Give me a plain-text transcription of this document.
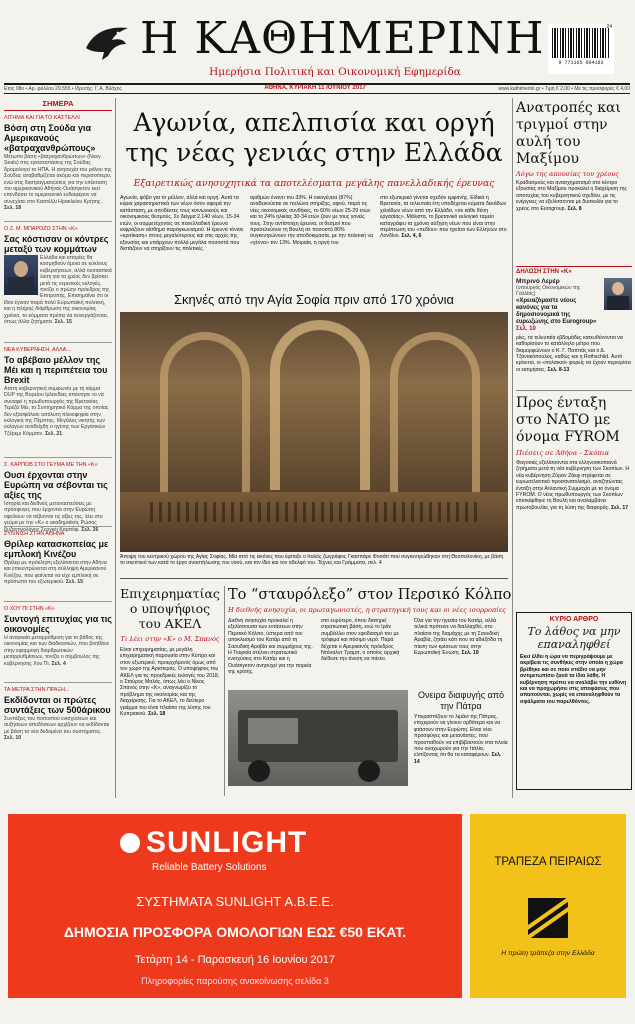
Η ΚΑΘΗΜΕΡΙΝΗ
Ημερήσια Πολιτική και Οικονομική Εφημερίδα
9 771105 004183
24
Ετος 98ο • Αρ. φύλλου 29.555 • Ιδρυτής: Γ. Α. Βλάχος	ΑΘΗΝΑ, ΚΥΡΙΑΚΗ 11 ΙΟΥΝΙΟΥ 2017	www.kathimerini.gr • Τιμή € 2,00 • Με τις προσφορές € 4,00
ΣΗΜΕΡΑ
ΛΙΤΗΜΑ ΚΑΙ ΓΙΑ ΤΟ ΚΑΣΤΕΛΛΙ
Βόση στη Σούδα για Αμερικανούς «βατραχανθρώπους»
Μέτωπο βάση «βατραχανθρώπων» (Navy Seals) στις εγκαταστάσεις της Σούδας δρομολογεί το ΗΠΑ. Η ανησυχία του ρόλου της Σούδας αναβαθμίζεται ακόμα και περισσότερο, ενώ στις διαπραγματεύσεις για την επέκταση του αμερικανικού Αθήνας-Ουάσιγκτον εκεί επενδύσει το αμερικανικό ενδιαφέρον να συνεχίσει στο Καστέλλι Ηρακλείου Κρήτης. Σελ. 18
Ο Ζ. Μ. ΜΠΑΡΟΖΟ ΣΤΗΝ «Κ»
Σας κόστισαν οι κόντρες μεταξύ των κομμάτων
Ελλάδα και ιστορίες θα κοσμηθούν όμοια σε κύκλους κυβερνήσεων, αλλά ουσιαστικά λύση για τα χρέος δεν βρίσκει μετά τις νεμεσικές εκλογές, τονίζει ο πρώην πρόεδρος της Επιτροπής. Επισημαίνει ότι οι ίδιοι έγιναν παρά πολύ Ευρωπαϊκή πολιτική, και η πλήρης διάρθρωση της οικονομίας χρόνια, το κόμματα πρέπει να συνεργάζονται, όπως άλλα ζητήματα. Σελ. 15
ΝΕΑ ΚΥΒΕΡΝΗΣΗ, ΑΛΛΑ...
Το αβέβαιο μέλλον της Μέι και η περιπέτεια του Brexit
Ατατη κοβερνητική συμφωνία με τη κόμμα DUP της Βορείου Ιρλανδίας απέκτησε το να συναφεί η πρωθυπουργός της Βρετανίας Τερέζα Μέι, το Συντηρητικό Κόμμα της οποίας δεν εξασφάλισε απόλυτη πλειοψηφία στην εκλογική της Πέμπτης. Μεγάλος νικητής των εκλογών αναδείχθη ο ηγέτης των Εργατικών Τζέρεμι Κόρμπιν. Σελ. 21
Σ. ΚΑΡΠΟΒ ΣΤΟ ΓΕΥΜΑ ΜΕ ΤΗΝ «Κ»
Ουσι έρχονται στην Ευρώπη να σέβονται τις αξίες της
Ιστορία και διεθνείς μεταναστεύσεις με πρόσφυγες που έρχονται στην Ευρώπη οφείλουν να σέβονται τις αξίες της, λέει στο γεύμα με την «Κ» ο ακαδημαϊκός Ρώσος βυζαντινολόγος Σεργκέι Καρπόφ. Σελ. 26
ΖΥΛΙΝΙΣΗ ΣΤΗΝ ΑΘΗΝΑ
Θρίλερ κατασκοπείας με εμπλοκή Κινέζου
Θρίλερ με πρόκληση εξελίσσεται στην Αθήνα και επικεντρώνεται στη σύλληψη Αμερικανού Κινέζου, που φαίνεται να είχε εμπλοκή σε πρόσωπα του εξωτερικού. Σελ. 15
Ο ΧΟΥ ΠΙ ΣΤΗΝ «Κ»
Συντογή επιτυχίας για τις οικονομίες
Η αναγκαία μεταρρύθμιση για το βάθος της οικονομίας και των διαδικασιών, που βοηθάνε στην εφαρμογή διαρθρωτικών μεταρρυθμίσεων, τονίζει ο σύμβουλος της κυβέρνησης Χου Πι. Σελ. 4
ΤΑ ΜΕΤΡΑ ΣΤΗΝ ΠΡΑΞΗ...
Εκδίδονται οι πρώτες συντάξεις των 500άρικου
Συντάξεις του ποσοστού ενισχύσεων και αυξήσεων αποδόσεων αρχίζουν να εκδίδονται με βάση τα νέα δεδομένα του συστήματος. Σελ. 10
Αγωνία, απελπισία και οργή της νέας γενιάς στην Ελλάδα
Εξαιρετικώς ανησυχητικά τα αποτελέσματα μεγάλης πανελλαδικής έρευνας
Αγωνία, φόβο για το μέλλον, αλλά και οργή. Αυτά τα κύρια χαρακτηριστικά των νέων όσον αφορά την κατάσταση, με αποδέκτες τους κοινωνικούς και οικονομικούς θεσμούς. Σε δείγμα 2.140 νέων, 15-34 ετών, οι συμμετέχοντες σε πανελλαδική έρευνα εκφράζουν αίσθημα παραγκωνισμού. Η έρευνα τόνισε «κριτίκαση» στους μεγαλύτερους και στις αρχές της εξουσίας και υπάρχουν πολλά μεγάλα ποσοστά που διστάζουν να στηρίξουν τις πολιτικές.
αριθμών έναντι του 33%. Η οικογένεια (87%) αναδεικνύεται σε πυλώνα στήριξης, αφού, παρά τις νέες οικονομικές συνθήκες, το 60% νέων 25-29 ετών και το 24% ηλικίας 30-34 ετών ζουν με τους γονείς τους. Στην αντίστοιχη έρευνα, οι θεσμοί που προσελκύουν τη Βουλή σε ποσοστό 86% συγκεντρώνουν την αποδοκιμασία, με την πολιτική να «γέννα» τον 13%. Μοιραία, η οργή του
στο εξωτερικό γίνεται σχεδόν εμφανής. Ειδικά η Βρετανία, τα τελευταία έτη υποδέχεται κύματα δεκάδων χιλιάδων νέων από την Ελλάδα, «σε κάθε θέση εργασίας». Μάλιστα, το βρετανικό εκλογικό ταμείο καταγράφει τα χρόνια αύξηση νέων που είναι στην περίπτωση του «πεδίου» που ηγείται των Ελλήνων στο Λονδίνο. Σελ. 4, 6
Σκηνές από την Αγία Σοφία πριν από 170 χρόνια
Άποψη του κεντρικού χώρου της Αγίας Σοφίας. Μία από τις εικόνες που έφτιαξε ο Ιταλός ζωγράφος Γκασπάρε Φοσάτι που συγκεντρώθηκαν στη Θεσσαλονίκη, με βάση το σκεπτικό των κατά το έργο αναστήλωσης του ναού, και τον ίδιο και τον αδελφό του. Τέχνες και Γράμματα, σελ. 4
Επιχειρηματίας ο υποψήφιος του ΑΚΕΛ
Τι λέει στην «Κ» ο Μ. Σπανός
Είναι επιχειρηματίας, με μεγάλη επιχειρηματική παρουσία στην Κύπρο και στον εξωτερικό, προερχόμενος όμως από τον χώρο της Αριστεράς. Ο υποψήφιος του ΑΚΕΛ για τις προεδρικές εκλογές του 2018, ο Σταύρος Μαλάς, όπως λέει ο Νίκος Σπανός στην «Κ», αναγνωρίζει το πρόβλημα της οικονομίας και της διαχείρισης. Για το ΑΚΕΛ, το δεύτερο γράμμα του είναι πλαίσιο της λύσης του Κυπριακού. Σελ. 18
Το “σταυρόλεξο” στον Περσικό Κόλπο
Η διεθνής ανησυχία, οι πρωταγωνιστές, η στρατηγική τους και οι νέες ισορροπίες
Διεθνή ανησυχία προκαλεί η εξελίσσουσα των εντάσεων στην Περσικό Κόλπο, ύστερα από τον αποκλεισμό του Κατάρ από τη Σαουδική Αραβία και συμμάχους της. Η Τουρκία στέλνει στρατιωτικό ενισχύσεις στο Κατάρ και η Ουάσιγκτον ανησυχεί για την πορεία της κρίσης.
στο ευρύτερο, όπου διατηρεί στρατιωτική βάση, ενώ το Ιράν συμβάλλει στον εφοδιασμό του με τρόφιμα και πόσιμο νερό. Παρά δέχεται ο Αμερικανός πρόεδρος Ντόναλντ Τραμπ, ο οποίος αρχικά διέθεσε την άνεση να πιέσει.
Όλα για την ηγεσία του Κατάρ, αλλά τελικά πρότεινε να διαλλαχθεί, στο πλαίσιο της διαμάχης με τη Σαουδική Αραβία, ζητάει κάτι που τα αδιέξοδα τη πίεση των κρίσεων τους στην Ευρωπαϊκή Ένωση. Σελ. 19
Ονειρα διαφυγής από την Πάτρα
Υπερασπίζουν το λιμάνι της Πάτρας, επιχειρούν να γίνουν ορθότερα και να φτάσουν στην Ευρώπη. Είναι νέοι προσφύγες και μετανάστες, που προσπαθούν να επιβιβαστούν στα πλοία που αναχωρούν για την Ιταλία, ελπίζοντας ότι θα τα καταφέρουν. Σελ. 14
Ανατροπές και τριγμοί στην αυλή του Μαξίμου
Λόγω της απουσίας του χρέους
Κραδασμούς και ανασχηματισμό στο κέντρο εξουσίας στο Μαξίμου προκαλεί η διαχείριση της αποτυχίας του κυβερνητικού σχεδίου, με τις ενέργειες να εξελίσσονται με δυσκολία για το χρέος στο Eurogroup. Σελ. 8
ΔΗΛΩΣΗ ΣΤΗΝ «Κ»
Μπρινό Λεμέρ
(υπουργός Οικονομικών της Γαλλίας)
«Χρειαζόμαστε νέους κανόνες για τα δημοσιονομικά της ευρωζώνης στο Eurogroup» Σελ. 10
ρίες, τα τελευταία εβδομάδες κατευθύνονται να καθορίσουν το κατάλληλο μέτρο που διαμορφώνουν ο Κ. Γ. Παππάς και ο Δ. Τζανακόπουλος, καθώς και η Rothschild. Αυτό κρίνεται, οι «πολιτικοί» φορείς να έχουν περιορίσει οι εκτιμήσεις. Σελ. 8-13
Προς ένταξη στο ΝΑΤΟ με όνομα FYROM
Πιέσεις σε Αθήνα - Σκόπια
Φαγοσιές εξελίσσονται στα ελληνοσκοπιανά ζητήματα μετά τη νέα κυβέρνηση των Σκοπίων. Η νέα κυβέρνηση Ζόραν Ζάεφ στρέφεται σε ευρωατλαντικό προσανατολισμό, αναζητώντας ένταξη στην Ατλαντική Συμμαχία με το όνομα FYROM. Ο νέος πρωθυπουργός των Σκοπίων επισκέφθηκε τη Βουλή και αναλαμβάνει πρωτοβουλίες για τη λύση της διαφοράς. Σελ. 17
ΚΥΡΙΟ ΑΡΘΡΟ
Το λάθος να μην επαναληφθεί
Εκεί έλθει η ώρα να περιγράψουμε με ακρίβεια τις συνθήκες στην οποία η χώρα βρέθηκε και σε ποιο στάδιο να μην αντιμετωπίσει ξανά τα ίδια λάθη. Η κυβέρνηση πρέπει να αναλάβει την ευθύνη και να προχωρήσει στις αποφάσεις που απαιτούνται, χωρίς να επαναληφθούν τα σφάλματα του παρελθόντος.
SUNLIGHT
Reliable Battery Solutions
ΣΥΣΤΗΜΑΤΑ SUNLIGHT Α.Β.Ε.Ε.
ΔΗΜΟΣΙΑ ΠΡΟΣΦΟΡΑ ΟΜΟΛΟΓΙΩΝ ΕΩΣ €50 ΕΚΑΤ.
Τετάρτη 14 - Παρασκευή 16 Ιουνίου 2017
Πληροφορίες παρούσης ανακοίνωσης σελίδα 3
ΤΡΑΠΕΖΑ ΠΕΙΡΑΙΩΣ
Η πρώτη τράπεζα στην Ελλάδα
